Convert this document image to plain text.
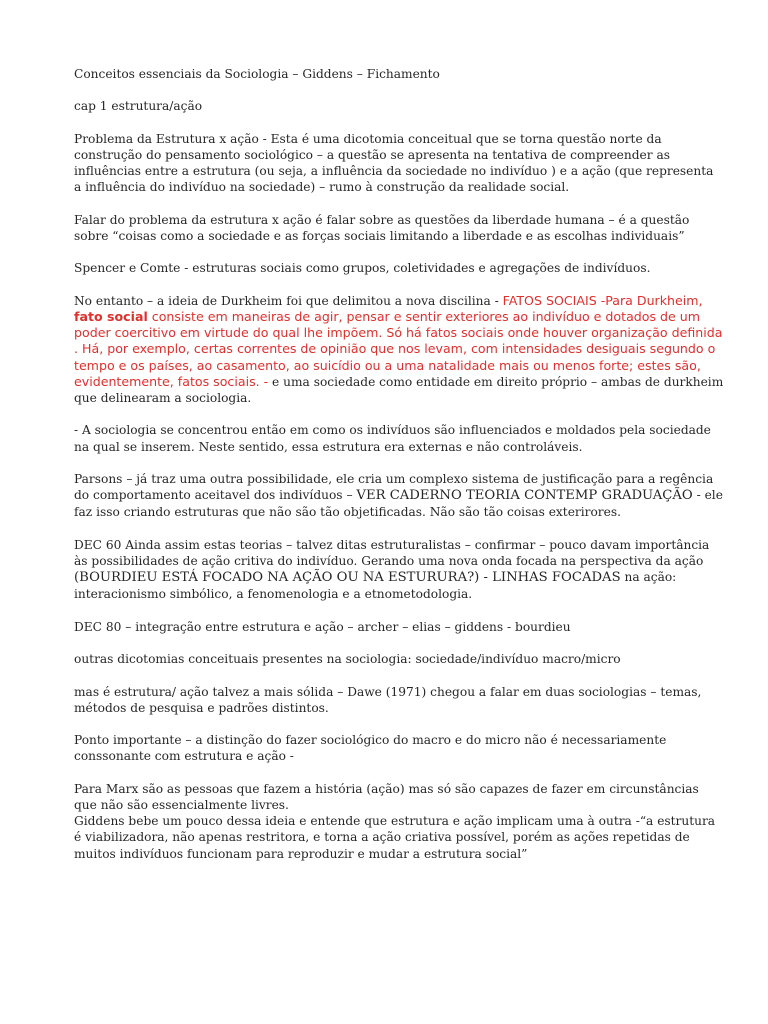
Conceitos essenciais da Sociologia – Giddens – Fichamento

cap 1 estrutura/ação

Problema da Estrutura x ação - Esta é uma dicotomia conceitual que se torna questão norte da construção do pensamento sociológico – a questão se apresenta na tentativa de compreender as influências entre a estrutura (ou seja, a influência da sociedade no indivíduo ) e a ação (que representa a influência do indivíduo na sociedade) – rumo à construção da realidade social.

Falar do problema da estrutura x ação é falar sobre as questões da liberdade humana – é a questão sobre “coisas como a sociedade e as forças sociais limitando a liberdade e as escolhas individuais”

Spencer e Comte - estruturas sociais como grupos, coletividades e agregações de indivíduos.

No entanto – a ideia de Durkheim foi que delimitou a nova discilina - FATOS SOCIAIS -Para Durkheim, fato social consiste em maneiras de agir, pensar e sentir exteriores ao indivíduo e dotados de um poder coercitivo em virtude do qual lhe impõem. Só há fatos sociais onde houver organização definida . Há, por exemplo, certas correntes de opinião que nos levam, com intensidades desiguais segundo o tempo e os países, ao casamento, ao suicídio ou a uma natalidade mais ou menos forte; estes são, evidentemente, fatos sociais. - e uma sociedade como entidade em direito próprio – ambas de durkheim que delinearam a sociologia.

- A sociologia se concentrou então em como os indivíduos são influenciados e moldados pela sociedade na qual se inserem. Neste sentido, essa estrutura era externas e não controláveis.

Parsons – já traz uma outra possibilidade, ele cria um complexo sistema de justificação para a regência do comportamento aceitavel dos indivíduos – VER CADERNO TEORIA CONTEMP GRADUAÇÃO - ele faz isso criando estruturas que não são tão objetificadas. Não são tão coisas exterirores.

DEC 60 Ainda assim estas teorias – talvez ditas estruturalistas – confirmar – pouco davam importância às possibilidades de ação critiva do indivíduo. Gerando uma nova onda focada na perspectiva da ação

(BOURDIEU ESTÁ FOCADO NA AÇÃO OU NA ESTURURA?) - LINHAS FOCADAS na ação: interacionismo simbólico, a fenomenologia e a etnometodologia.

DEC 80 – integração entre estrutura e ação – archer – elias – giddens - bourdieu

outras dicotomias conceituais presentes na sociologia: sociedade/indivíduo macro/micro

mas é estrutura/ ação talvez a mais sólida – Dawe (1971) chegou a falar em duas sociologias – temas, métodos de pesquisa e padrões distintos.

Ponto importante – a distinção do fazer sociológico do macro e do micro não é necessariamente conssonante com estrutura e ação -

Para Marx são as pessoas que fazem a história (ação) mas só são capazes de fazer em circunstâncias que não são essencialmente livres.

Giddens bebe um pouco dessa ideia e entende que estrutura e ação implicam uma à outra -“a estrutura é viabilizadora, não apenas restritora, e torna a ação criativa possível, porém as ações repetidas de muitos indivíduos funcionam para reproduzir e mudar a estrutura social”
